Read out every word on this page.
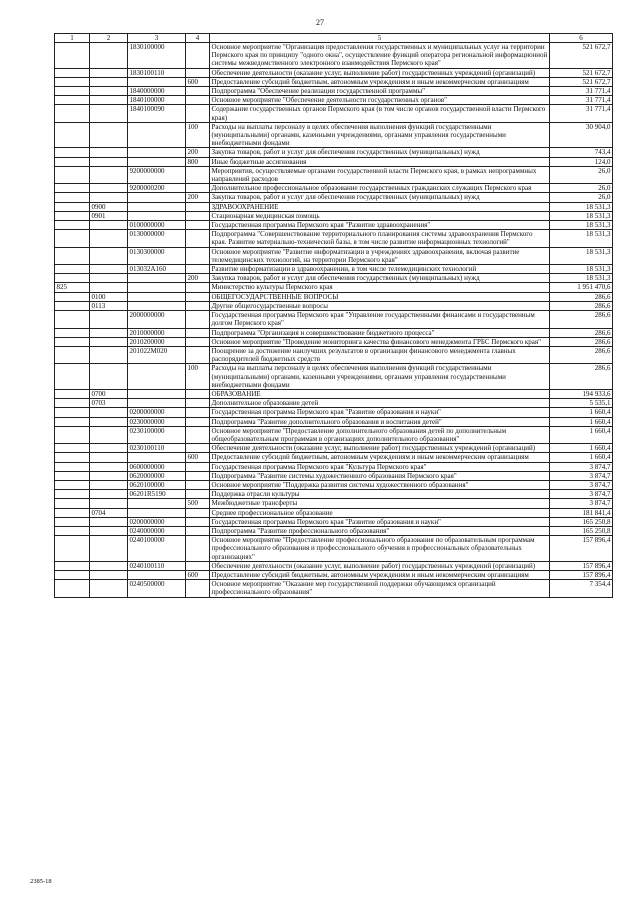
27
1	2	3	4	5	6
		1830100000		Основное мероприятие "Организация предоставления государственных и муниципальных услуг на территории Пермского края по принципу "одного окна", осуществление функций оператора региональной информационной системы межведомственного электронного взаимодействия Пермского края"	521 672,7
		1830100110		Обеспечение деятельности (оказание услуг, выполнение работ) государственных учреждений (организаций)	521 672,7
			600	Предоставление субсидий бюджетным, автономным учреждениям и иным некоммерческим организациям	521 672,7
		1840000000		Подпрограмма "Обеспечение реализации государственной программы"	31 771,4
		1840100000		Основное мероприятие "Обеспечение деятельности государственных органов"	31 771,4
		1840100090		Содержание государственных органов Пермского края (в том числе органов государственной власти Пермского края)	31 771,4
			100	Расходы на выплаты персоналу в целях обеспечения выполнения функций государственными (муниципальными) органами, казенными учреждениями, органами управления государственными внебюджетными фондами	30 904,0
			200	Закупка товаров, работ и услуг для обеспечения государственных (муниципальных) нужд	743,4
			800	Иные бюджетные ассигнования	124,0
		9200000000		Мероприятия, осуществляемые органами государственной власти Пермского края, в рамках непрограммных направлений расходов	26,0
		9200000200		Дополнительное профессиональное образование государственных гражданских служащих Пермского края	26,0
			200	Закупка товаров, работ и услуг для обеспечения государственных (муниципальных) нужд	26,0
	0900			ЗДРАВООХРАНЕНИЕ	18 531,3
	0901			Стационарная медицинская помощь	18 531,3
		0100000000		Государственная программа Пермского края "Развитие здравоохранения"	18 531,3
		0130000000		Подпрограмма "Совершенствование территориального планирования системы здравоохранения Пермского края. Развитие материально-технической базы, в том числе развитие информационных технологий"	18 531,3
		0130300000		Основное мероприятие "Развитие информатизации в учреждениях здравоохранения, включая развитие телемедицинских технологий, на территории Пермского края"	18 531,3
		013032А160		Развитие информатизации в здравоохранении, в том числе телемедицинских технологий	18 531,3
			200	Закупка товаров, работ и услуг для обеспечения государственных (муниципальных) нужд	18 531,3
825				Министерство культуры Пермского края	1 951 470,6
	0100			ОБЩЕГОСУДАРСТВЕННЫЕ ВОПРОСЫ	286,6
	0113			Другие общегосударственные вопросы	286,6
		2000000000		Государственная программа Пермского края "Управление государственными финансами и государственным долгом Пермского края"	286,6
		2010000000		Подпрограмма "Организация и совершенствование бюджетного процесса"	286,6
		2010200000		Основное мероприятие "Проведение мониторинга качества финансового менеджмента ГРБС Пермского края"	286,6
		201022М020		Поощрение за достижение наилучших результатов в организации финансового менеджмента главных распорядителей бюджетных средств	286,6
			100	Расходы на выплаты персоналу в целях обеспечения выполнения функций государственными (муниципальными) органами, казенными учреждениями, органами управления государственными внебюджетными фондами	286,6
	0700			ОБРАЗОВАНИЕ	194 933,6
	0703			Дополнительное образование детей	5 535,1
		0200000000		Государственная программа Пермского края "Развитие образования и науки"	1 660,4
		0230000000		Подпрограмма "Развитие дополнительного образования и воспитания детей"	1 660,4
		0230100000		Основное мероприятие "Предоставление дополнительного образования детей по дополнительным общеобразовательным программам в организациях дополнительного образования"	1 660,4
		0230100110		Обеспечение деятельности (оказание услуг, выполнение работ) государственных учреждений (организаций)	1 660,4
			600	Предоставление субсидий бюджетным, автономным учреждениям и иным некоммерческим организациям	1 660,4
		0600000000		Государственная программа Пермского края "Культура Пермского края"	3 874,7
		0620000000		Подпрограмма "Развитие системы художественного образования Пермского края"	3 874,7
		0620100000		Основное мероприятие "Поддержка развития системы художественного образования"	3 874,7
		06201R5190		Поддержка отрасли культуры	3 874,7
			500	Межбюджетные трансферты	3 874,7
	0704			Среднее профессиональное образование	181 841,4
		0200000000		Государственная программа Пермского края "Развитие образования и науки"	165 250,8
		0240000000		Подпрограмма "Развитие профессионального образования"	165 250,8
		0240100000		Основное мероприятие "Предоставление профессионального образования по образовательным программам профессионального образования и профессионального обучения в профессиональных образовательных организациях"	157 896,4
		0240100110		Обеспечение деятельности (оказание услуг, выполнение работ) государственных учреждений (организаций)	157 896,4
			600	Предоставление субсидий бюджетным, автономным учреждениям и иным некоммерческим организациям	157 896,4
		0240500000		Основное мероприятие "Оказание мер государственной поддержки обучающимся организаций профессионального образования"	7 354,4
2385-18
